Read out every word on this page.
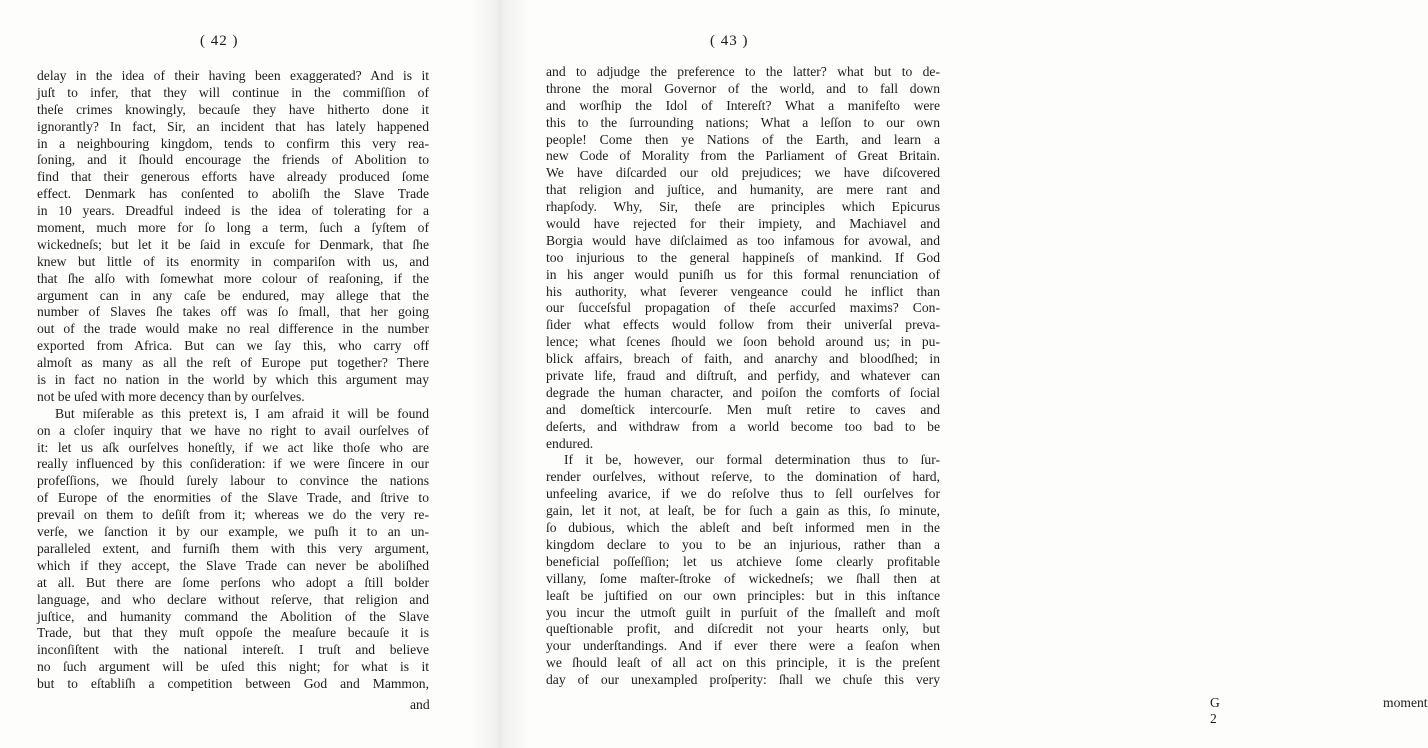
( 42 )
delay in the idea of their having been exaggerated? And is it
juſt to infer, that they will continue in the commiſſion of
theſe crimes knowingly, becauſe they have hitherto done it
ignorantly? In fact, Sir, an incident that has lately happened
in a neighbouring kingdom, tends to confirm this very rea-
ſoning, and it ſhould encourage the friends of Abolition to
find that their generous efforts have already produced ſome
effect. Denmark has conſented to aboliſh the Slave Trade
in 10 years. Dreadful indeed is the idea of tolerating for a
moment, much more for ſo long a term, ſuch a ſyſtem of
wickedneſs; but let it be ſaid in excuſe for Denmark, that ſhe
knew but little of its enormity in compariſon with us, and
that ſhe alſo with ſomewhat more colour of reaſoning, if the
argument can in any caſe be endured, may allege that the
number of Slaves ſhe takes off was ſo ſmall, that her going
out of the trade would make no real difference in the number
exported from Africa. But can we ſay this, who carry off
almoſt as many as all the reſt of Europe put together? There
is in fact no nation in the world by which this argument may
not be uſed with more decency than by ourſelves.
But miſerable as this pretext is, I am afraid it will be found
on a cloſer inquiry that we have no right to avail ourſelves of
it: let us aſk ourſelves honeſtly, if we act like thoſe who are
really influenced by this conſideration: if we were ſincere in our
profeſſions, we ſhould ſurely labour to convince the nations
of Europe of the enormities of the Slave Trade, and ſtrive to
prevail on them to deſiſt from it; whereas we do the very re-
verſe, we ſanction it by our example, we puſh it to an un-
paralleled extent, and furniſh them with this very argument,
which if they accept, the Slave Trade can never be aboliſhed
at all. But there are ſome perſons who adopt a ſtill bolder
language, and who declare without reſerve, that religion and
juſtice, and humanity command the Abolition of the Slave
Trade, but that they muſt oppoſe the meaſure becauſe it is
inconſiſtent with the national intereſt. I truſt and believe
no ſuch argument will be uſed this night; for what is it
but to eſtabliſh a competition between God and Mammon,
and
( 43 )
and to adjudge the preference to the latter? what but to de-
throne the moral Governor of the world, and to fall down
and worſhip the Idol of Intereſt? What a manifeſto were
this to the ſurrounding nations; What a leſſon to our own
people! Come then ye Nations of the Earth, and learn a
new Code of Morality from the Parliament of Great Britain.
We have diſcarded our old prejudices; we have diſcovered
that religion and juſtice, and humanity, are mere rant and
rhapſody. Why, Sir, theſe are principles which Epicurus
would have rejected for their impiety, and Machiavel and
Borgia would have diſclaimed as too infamous for avowal, and
too injurious to the general happineſs of mankind. If God
in his anger would puniſh us for this formal renunciation of
his authority, what ſeverer vengeance could he inflict than
our ſucceſsful propagation of theſe accurſed maxims? Con-
ſider what effects would follow from their univerſal preva-
lence; what ſcenes ſhould we ſoon behold around us; in pu-
blick affairs, breach of faith, and anarchy and bloodſhed; in
private life, fraud and diſtruſt, and perfidy, and whatever can
degrade the human character, and poiſon the comforts of ſocial
and domeſtick intercourſe. Men muſt retire to caves and
deſerts, and withdraw from a world become too bad to be
endured.
If it be, however, our formal determination thus to ſur-
render ourſelves, without reſerve, to the domination of hard,
unfeeling avarice, if we do reſolve thus to ſell ourſelves for
gain, let it not, at leaſt, be for ſuch a gain as this, ſo minute,
ſo dubious, which the ableſt and beſt informed men in the
kingdom declare to you to be an injurious, rather than a
beneficial poſſeſſion; let us atchieve ſome clearly profitable
villany, ſome maſter-ſtroke of wickedneſs; we ſhall then at
leaſt be juſtified on our own principles: but in this inſtance
you incur the utmoſt guilt in purſuit of the ſmalleſt and moſt
queſtionable profit, and diſcredit not your hearts only, but
your underſtandings. And if ever there were a ſeaſon when
we ſhould leaſt of all act on this principle, it is the preſent
day of our unexampled proſperity: ſhall we chuſe this very
G 2
moment
